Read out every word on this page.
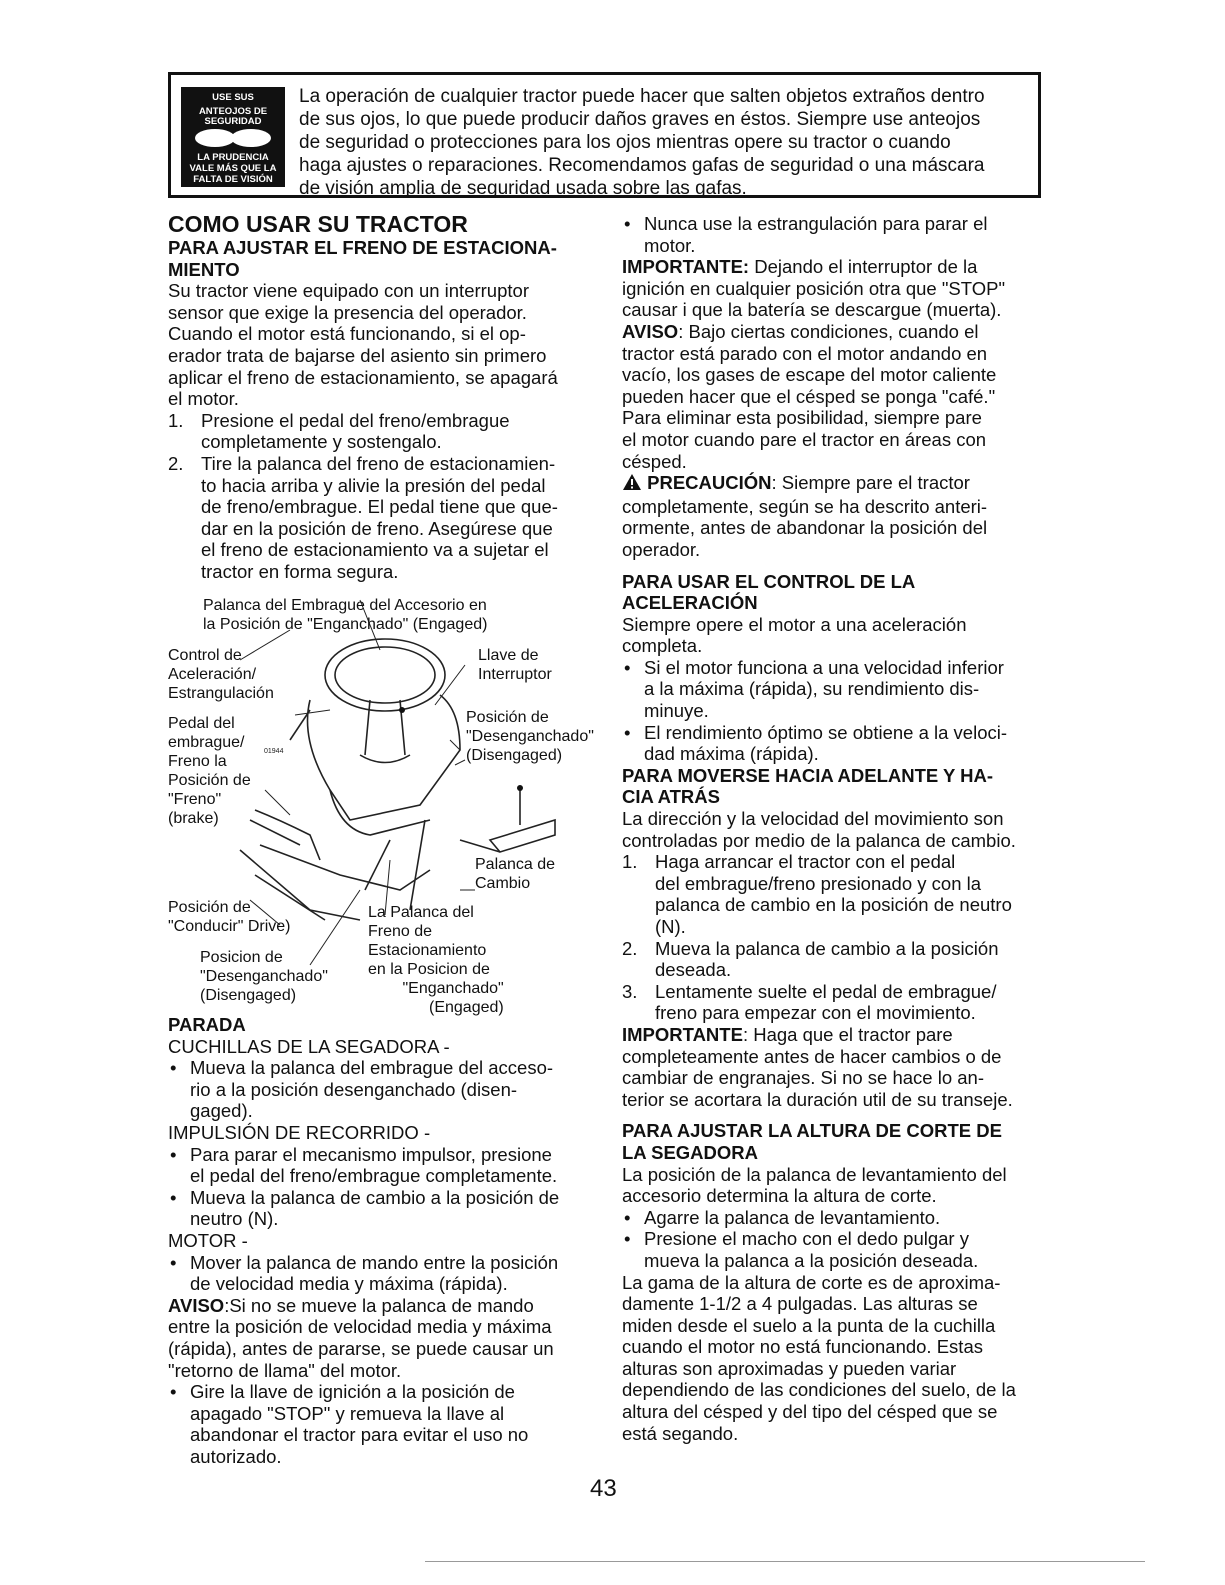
USE SUS
ANTEOJOS DE
SEGURIDAD
LA PRUDENCIA
VALE MÁS QUE LA
FALTA DE VISIÓN
La operación de cualquier tractor puede hacer que salten objetos extraños dentro
de sus ojos, lo que puede producir daños graves en éstos. Siempre use anteojos
de seguridad o protecciones para los ojos mientras opere su tractor o cuando
haga ajustes o reparaciones. Recomendamos gafas de seguridad o una máscara
de visión amplia de seguridad usada sobre las gafas.
COMO USAR SU TRACTOR
PARA AJUSTAR EL FRENO DE ESTACIONA-
MIENTO
Su tractor viene equipado con un interruptor
sensor que exige la presencia del operador.
Cuando el motor está funcionando, si el op-
erador trata de bajarse del asiento sin primero
aplicar el freno de estacionamiento, se apagará
el motor.
1. Presione el pedal del freno/embrague
completamente y sostengalo.
2. Tire la palanca del freno de estacionamien-
to hacia arriba y alivie la presión del pedal
de freno/embrague. El pedal tiene que que-
dar en la posición de freno. Asegúrese que
el freno de estacionamiento va a sujetar el
tractor en forma segura.
01944
Palanca del Embrague del Accesorio en
la Posición de "Enganchado" (Engaged)
Control de
Aceleración/
Estrangulación
Llave de
Interruptor
Pedal del
embrague/
Freno la
Posición de
"Freno"
(brake)
Posición de
"Desenganchado"
(Disengaged)
Palanca de
Cambio
Posición de
"Conducir" Drive)
Posicion de
"Desenganchado"
(Disengaged)
La Palanca del
Freno de
Estacionamiento
en la Posicion de
"Enganchado"
(Engaged)
PARADA
CUCHILLAS DE LA SEGADORA -
• Mueva la palanca del embrague del acceso-
rio a la posición desenganchado (disen-
gaged).
IMPULSIÓN DE RECORRIDO -
• Para parar el mecanismo impulsor, presione
el pedal del freno/embrague completamente.
• Mueva la palanca de cambio a la posición de
neutro (N).
MOTOR -
• Mover la palanca de mando entre la posición
de velocidad media y máxima (rápida).
AVISO:Si no se mueve la palanca de mando
entre la posición de velocidad media y máxima
(rápida), antes de pararse, se puede causar un
"retorno de llama" del motor.
• Gire la llave de ignición a la posición de
apagado "STOP" y remueva la llave al
abandonar el tractor para evitar el uso no
autorizado.
• Nunca use la estrangulación para parar el
motor.
IMPORTANTE: Dejando el interruptor de la
ignición en cualquier posición otra que "STOP"
causar i que la batería se descargue (muerta).
AVISO: Bajo ciertas condiciones, cuando el
tractor está parado con el motor andando en
vacío, los gases de escape del motor caliente
pueden hacer que el césped se ponga "café."
Para eliminar esta posibilidad, siempre pare
el motor cuando pare el tractor en áreas con
césped.
PRECAUCIÓN: Siempre pare el tractor
completamente, según se ha descrito anteri-
ormente, antes de abandonar la posición del
operador.
PARA USAR EL CONTROL DE LA
ACELERACIÓN
Siempre opere el motor a una aceleración
completa.
• Si el motor funciona a una velocidad inferior
a la máxima (rápida), su rendimiento dis-
minuye.
• El rendimiento óptimo se obtiene a la veloci-
dad máxima (rápida).
PARA MOVERSE HACIA ADELANTE Y HA-
CIA ATRÁS
La dirección y la velocidad del movimiento son
controladas por medio de la palanca de cambio.
1. Haga arrancar el tractor con el pedal
del embrague/freno presionado y con la
palanca de cambio en la posición de neutro
(N).
2. Mueva la palanca de cambio a la posición
deseada.
3. Lentamente suelte el pedal de embrague/
freno para empezar con el movimiento.
IMPORTANTE: Haga que el tractor pare
completeamente antes de hacer cambios o de
cambiar de engranajes. Si no se hace lo an-
terior se acortara la duración util de su transeje.
PARA AJUSTAR LA ALTURA DE CORTE DE
LA SEGADORA
La posición de la palanca de levantamiento del
accesorio determina la altura de corte.
• Agarre la palanca de levantamiento.
• Presione el macho con el dedo pulgar y
mueva la palanca a la posición deseada.
La gama de la altura de corte es de aproxima-
damente 1-1/2 a 4 pulgadas. Las alturas se
miden desde el suelo a la punta de la cuchilla
cuando el motor no está funcionando. Estas
alturas son aproximadas y pueden variar
dependiendo de las condiciones del suelo, de la
altura del césped y del tipo del césped que se
está segando.
43
